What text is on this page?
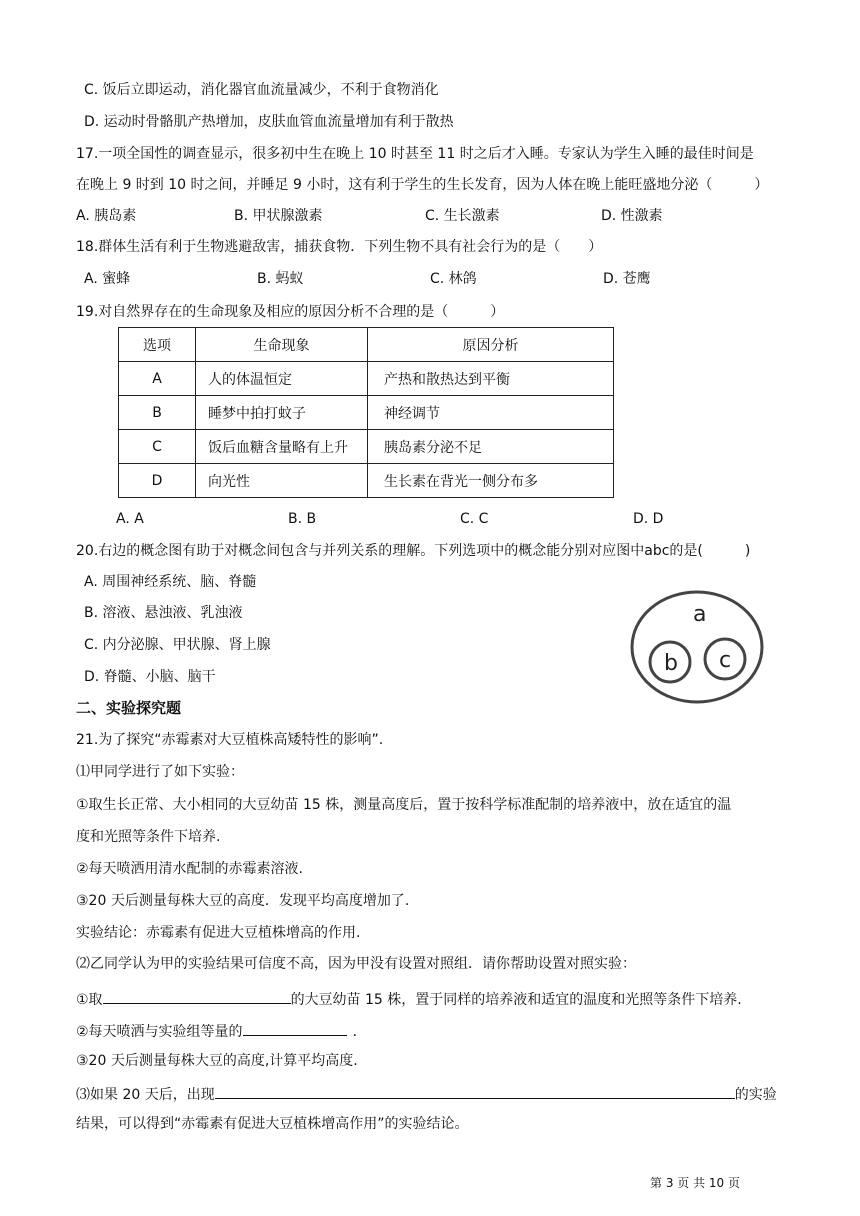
C. 饭后立即运动，消化器官血流量减少，不利于食物消化
D. 运动时骨骼肌产热增加，皮肤血管血流量增加有利于散热
17.一项全国性的调查显示，很多初中生在晚上 10 时甚至 11 时之后才入睡。专家认为学生入睡的最佳时间是
在晚上 9 时到 10 时之间，并睡足 9 小时，这有利于学生的生长发育，因为人体在晚上能旺盛地分泌（　　　）
A. 胰岛素	B. 甲状腺激素	C. 生长激素	D. 性激素
18.群体生活有利于生物逃避敌害，捕获食物．下列生物不具有社会行为的是（　　）
A. 蜜蜂	B. 蚂蚁	C. 林鸽	D. 苍鹰
19.对自然界存在的生命现象及相应的原因分析不合理的是（　　　）
选项	生命现象	原因分析
A	人的体温恒定	产热和散热达到平衡
B	睡梦中拍打蚊子	神经调节
C	饭后血糖含量略有上升	胰岛素分泌不足
D	向光性	生长素在背光一侧分布多
A. A	B. B	C. C	D. D
20.右边的概念图有助于对概念间包含与并列关系的理解。下列选项中的概念能分别对应图中abc的是(　　　)
A. 周围神经系统、脑、脊髓
B. 溶液、悬浊液、乳浊液
C. 内分泌腺、甲状腺、肾上腺
D. 脊髓、小脑、脑干
a
b c
二、实验探究题
21.为了探究“赤霉素对大豆植株高矮特性的影响”.
⑴甲同学进行了如下实验：
①取生长正常、大小相同的大豆幼苗 15 株，测量高度后，置于按科学标准配制的培养液中，放在适宜的温
度和光照等条件下培养.
②每天喷洒用清水配制的赤霉素溶液.
③20 天后测量每株大豆的高度．发现平均高度增加了.
实验结论：赤霉素有促进大豆植株增高的作用.
⑵乙同学认为甲的实验结果可信度不高，因为甲没有设置对照组．请你帮助设置对照实验：
①取	的大豆幼苗 15 株，置于同样的培养液和适宜的温度和光照等条件下培养.
②每天喷洒与实验组等量的	．
③20 天后测量每株大豆的高度,计算平均高度.
⑶如果 20 天后，出现	的实验
结果，可以得到“赤霉素有促进大豆植株增高作用”的实验结论。
第 3 页 共 10 页
